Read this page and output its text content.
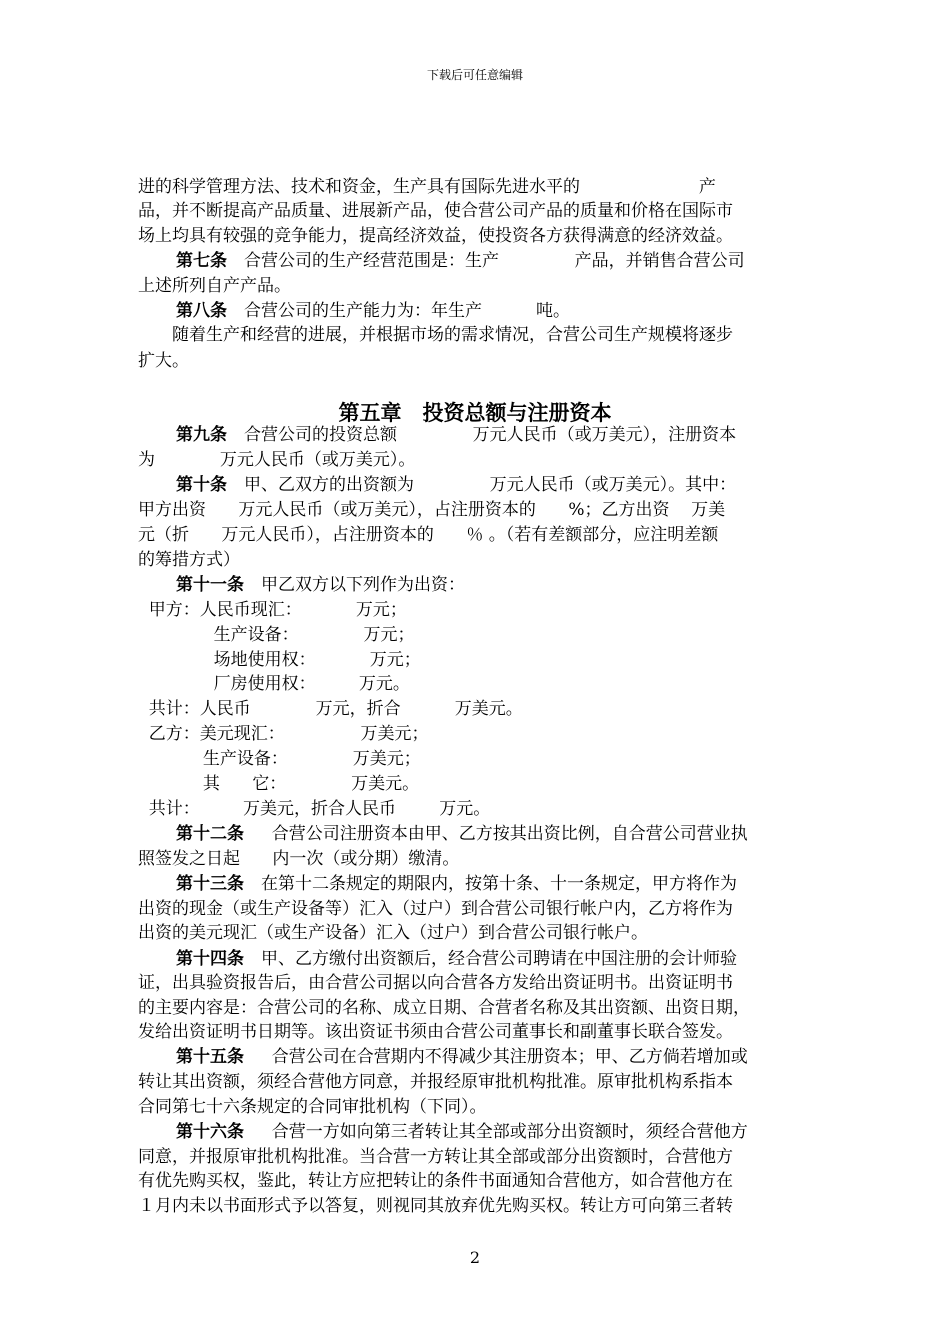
下载后可任意编辑
进的科学管理方法、技术和资金，生产具有国际先进水平的                      产
品，并不断提高产品质量、进展新产品，使合营公司产品的质量和价格在国际市
场上均具有较强的竞争能力，提高经济效益，使投资各方获得满意的经济效益。
第七条　合营公司的生产经营范围是：生产              产品，并销售合营公司
上述所列自产产品。
第八条　合营公司的生产能力为：年生产          吨。
　　随着生产和经营的进展，并根据市场的需求情况，合营公司生产规模将逐步
扩大。
第九条　合营公司的投资总额              万元人民币（或万美元），注册资本
为            万元人民币（或万美元）。
第十条　甲、乙双方的出资额为              万元人民币（或万美元）。其中：
甲方出资      万元人民币（或万美元），占注册资本的      %；乙方出资    万美
元（折      万元人民币），占注册资本的      ％ 。（若有差额部分，应注明差额
的筹措方式）
第十一条　甲乙双方以下列作为出资：
甲方：人民币现汇：          万元；
生产设备：            万元；
场地使用权：          万元；
厂房使用权：        万元。
共计：人民币            万元，折合          万美元。
乙方：美元现汇：              万美元；
生产设备：            万美元；
其      它：            万美元。
共计：        万美元，折合人民币        万元。
第十二条　  合营公司注册资本由甲、乙方按其出资比例，自合营公司营业执
照签发之日起      内一次（或分期）缴清。
第十三条　在第十二条规定的期限内，按第十条、十一条规定，甲方将作为
出资的现金（或生产设备等）汇入（过户）到合营公司银行帐户内，乙方将作为
出资的美元现汇（或生产设备）汇入（过户）到合营公司银行帐户。
第十四条　甲、乙方缴付出资额后，经合营公司聘请在中国注册的会计师验
证，出具验资报告后，由合营公司据以向合营各方发给出资证明书。出资证明书
的主要内容是：合营公司的名称、成立日期、合营者名称及其出资额、出资日期，
发给出资证明书日期等。该出资证书须由合营公司董事长和副董事长联合签发。
第十五条　  合营公司在合营期内不得减少其注册资本；甲、乙方倘若增加或
转让其出资额，须经合营他方同意，并报经原审批机构批准。原审批机构系指本
合同第七十六条规定的合同审批机构（下同）。
第十六条　  合营一方如向第三者转让其全部或部分出资额时，须经合营他方
同意，并报原审批机构批准。当合营一方转让其全部或部分出资额时，合营他方
有优先购买权，鉴此，转让方应把转让的条件书面通知合营他方，如合营他方在
１月内未以书面形式予以答复，则视同其放弃优先购买权。转让方可向第三者转
第五章　投资总额与注册资本
2
